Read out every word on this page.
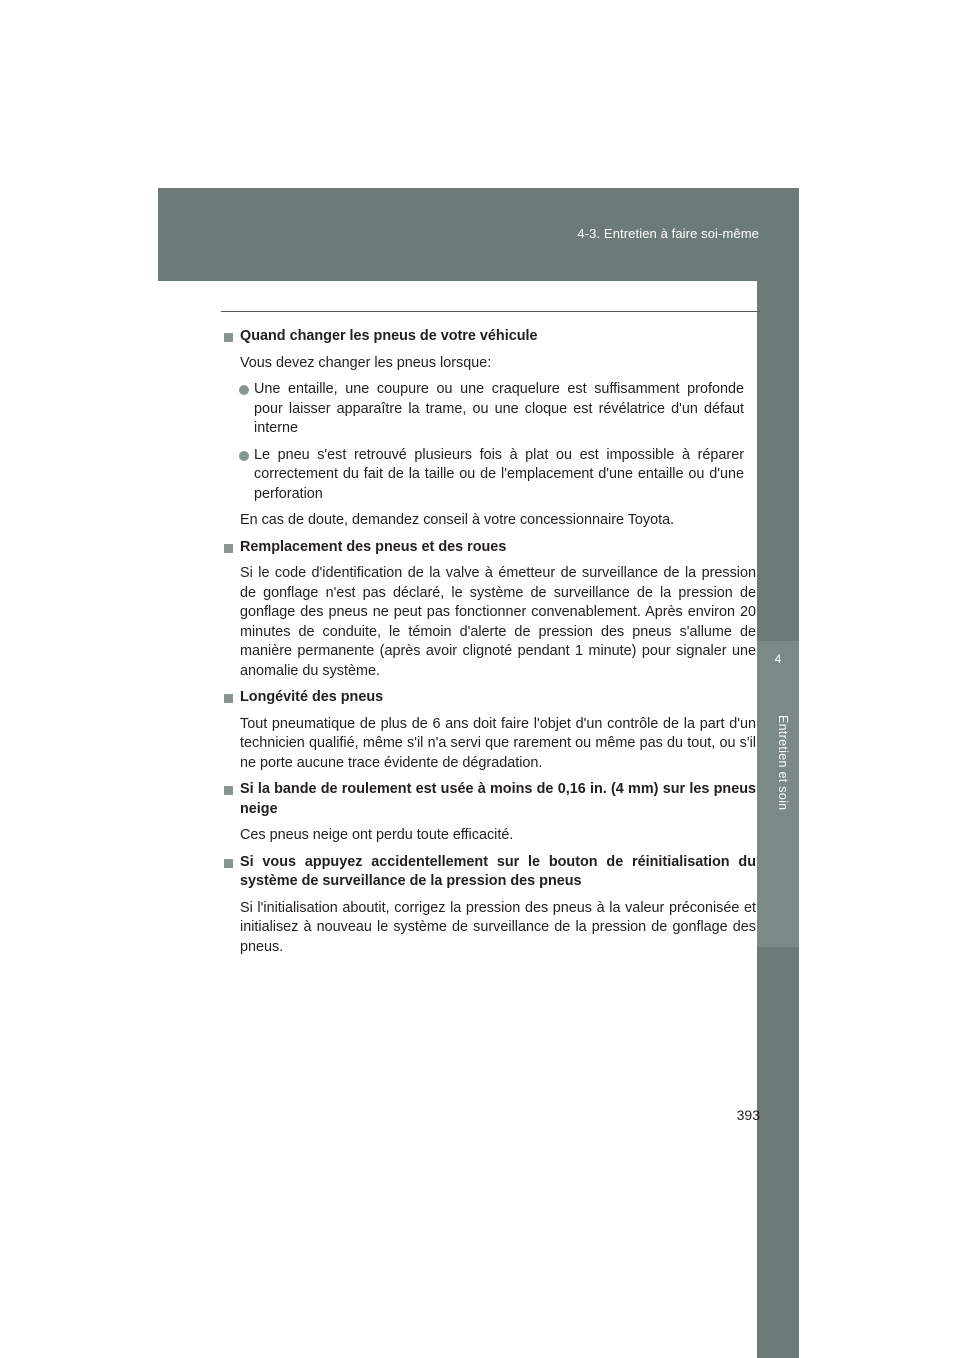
4-3. Entretien à faire soi-même
4
Entretien et soin
Quand changer les pneus de votre véhicule
Vous devez changer les pneus lorsque:
Une entaille, une coupure ou une craquelure est suffisamment profonde pour laisser apparaître la trame, ou une cloque est révélatrice d'un défaut interne
Le pneu s'est retrouvé plusieurs fois à plat ou est impossible à réparer correctement du fait de la taille ou de l'emplacement d'une entaille ou d'une perforation
En cas de doute, demandez conseil à votre concessionnaire Toyota.
Remplacement des pneus et des roues
Si le code d'identification de la valve à émetteur de surveillance de la pression de gonflage n'est pas déclaré, le système de surveillance de la pression de gonflage des pneus ne peut pas fonctionner convenablement. Après environ 20 minutes de conduite, le témoin d'alerte de pression des pneus s'allume de manière permanente (après avoir clignoté pendant 1 minute) pour signaler une anomalie du système.
Longévité des pneus
Tout pneumatique de plus de 6 ans doit faire l'objet d'un contrôle de la part d'un technicien qualifié, même s'il n'a servi que rarement ou même pas du tout, ou s'il ne porte aucune trace évidente de dégradation.
Si la bande de roulement est usée à moins de 0,16 in. (4 mm) sur les pneus neige
Ces pneus neige ont perdu toute efficacité.
Si vous appuyez accidentellement sur le bouton de réinitialisation du système de surveillance de la pression des pneus
Si l'initialisation aboutit, corrigez la pression des pneus à la valeur préconisée et initialisez à nouveau le système de surveillance de la pression de gonflage des pneus.
393
